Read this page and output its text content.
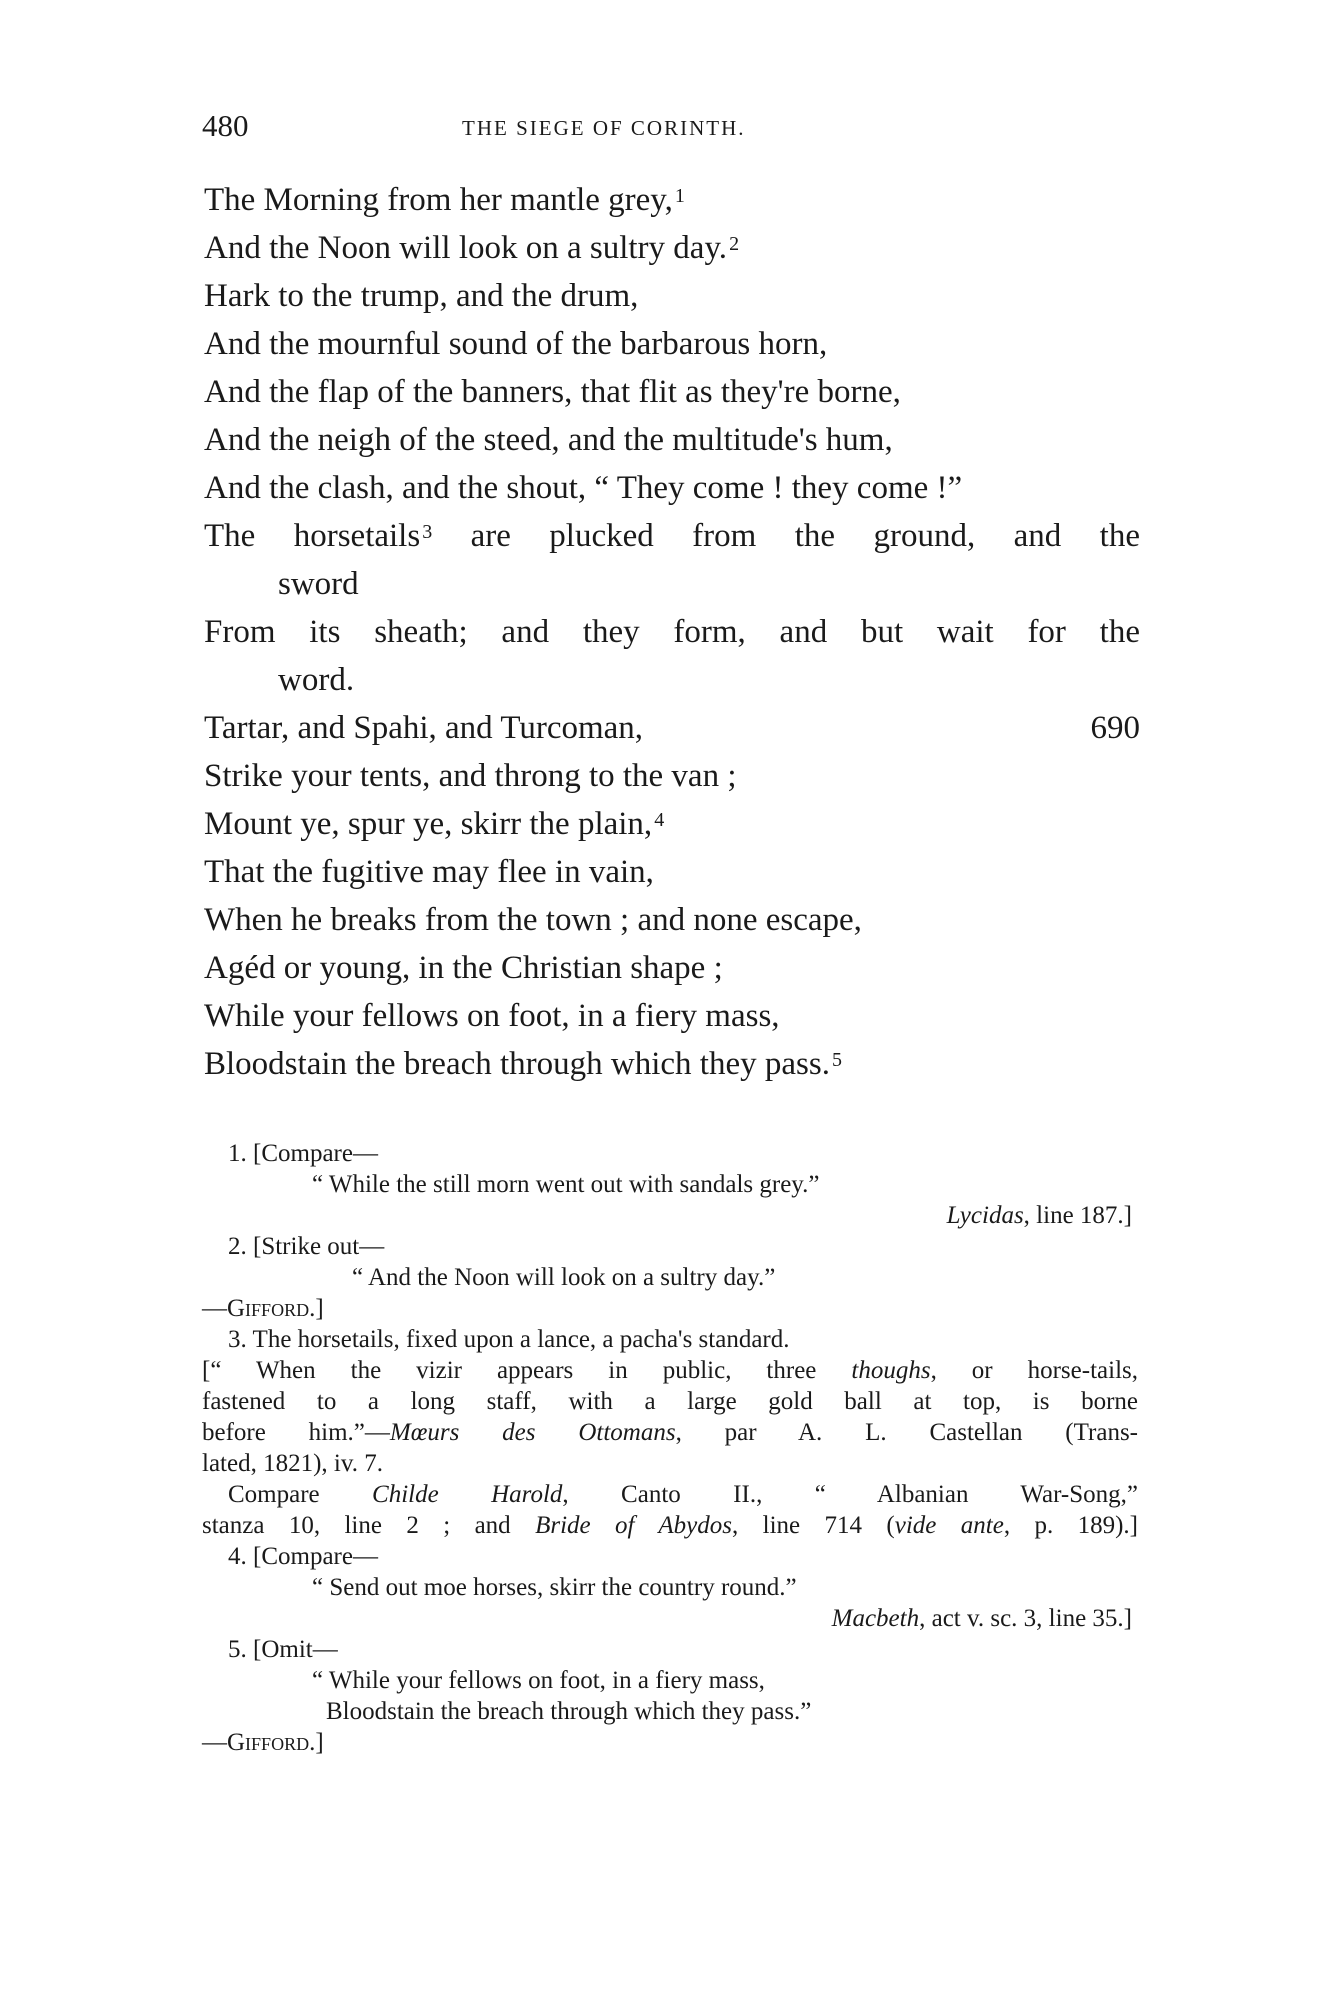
480	THE SIEGE OF CORINTH.
The Morning from her mantle grey, $^1$
And the Noon will look on a sultry day. $^2$
Hark to the trump, and the drum,
And the mournful sound of the barbarous horn,
And the flap of the banners, that flit as they're borne,
And the neigh of the steed, and the multitude's hum,
And the clash, and the shout, “ They come ! they come !”
The horsetails $^3$ are plucked from the ground, and the
sword
From its sheath; and they form, and but wait for the
word.
Tartar, and Spahi, and Turcoman,	690
Strike your tents, and throng to the van ;
Mount ye, spur ye, skirr the plain, $^4$
That the fugitive may flee in vain,
When he breaks from the town ; and none escape,
Agéd or young, in the Christian shape ;
While your fellows on foot, in a fiery mass,
Bloodstain the breach through which they pass. $^5$
1. [Compare—
“ While the still morn went out with sandals grey.”
Lycidas, line 187.]
2. [Strike out—
“ And the Noon will look on a sultry day.”
—Gifford.]
3. The horsetails, fixed upon a lance, a pacha's standard.
[“ When the vizir appears in public, three thoughs, or horse-tails,
fastened to a long staff, with a large gold ball at top, is borne
before him.”—Mœurs des Ottomans, par A. L. Castellan (Trans-
lated, 1821), iv. 7.
Compare Childe Harold, Canto II., “ Albanian War-Song,”
stanza 10, line 2 ; and Bride of Abydos, line 714 (vide ante, p. 189).]
4. [Compare—
“ Send out moe horses, skirr the country round.”
Macbeth, act v. sc. 3, line 35.]
5. [Omit—
“ While your fellows on foot, in a fiery mass,
Bloodstain the breach through which they pass.”
—Gifford.]
